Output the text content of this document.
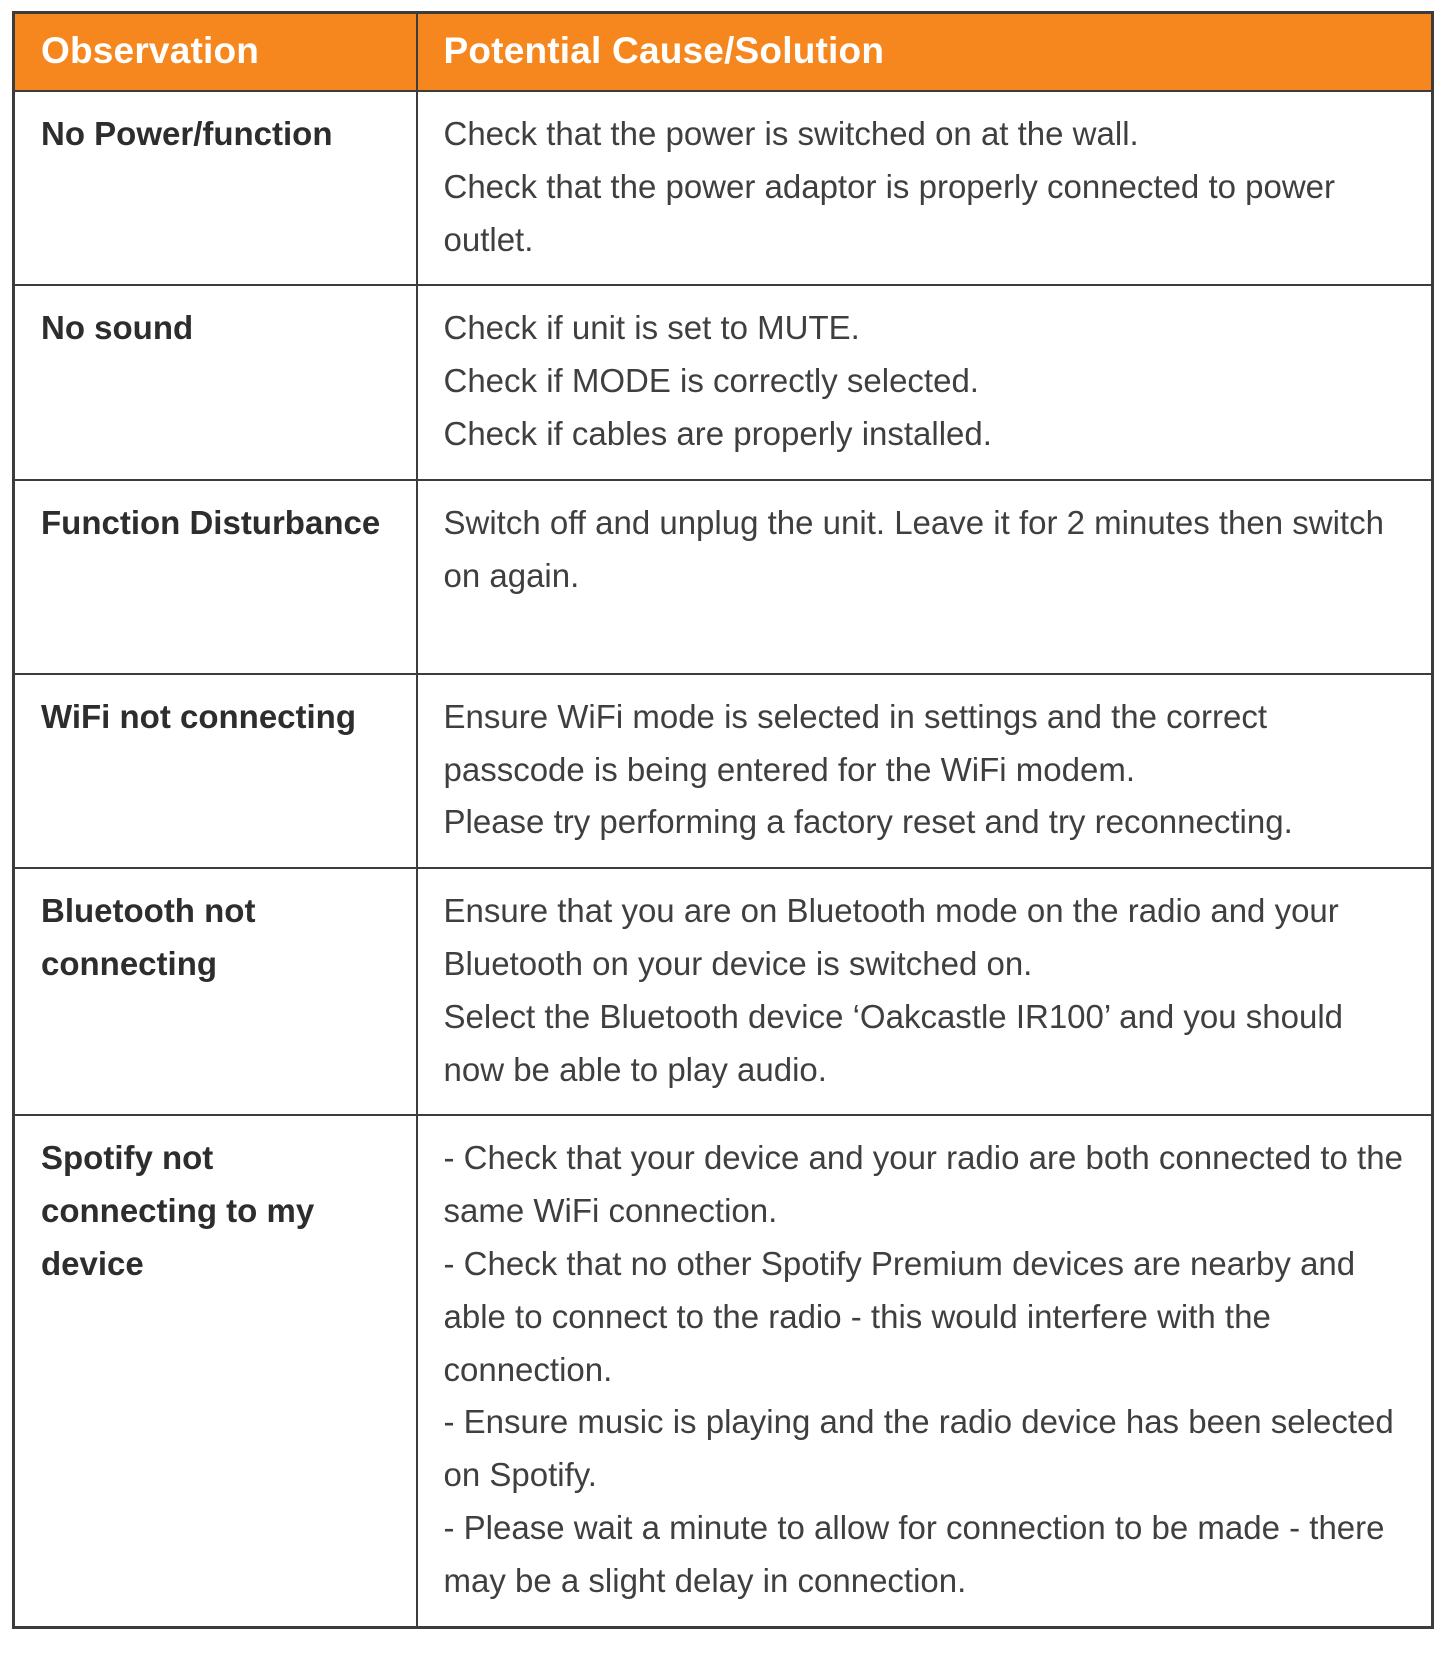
Observation	Potential Cause/Solution
No Power/function	Check that the power is switched on at the wall.
Check that the power adaptor is properly connected to power outlet.

No sound	Check if unit is set to MUTE.
Check if MODE is correctly selected.
Check if cables are properly installed.

Function Disturbance	Switch off and unplug the unit. Leave it for 2 minutes then switch on again.

WiFi not connecting	Ensure WiFi mode is selected in settings and the correct passcode is being entered for the WiFi modem.
Please try performing a factory reset and try reconnecting.

Bluetooth not connecting	Ensure that you are on Bluetooth mode on the radio and your Bluetooth on your device is switched on.
Select the Bluetooth device ‘Oakcastle IR100’ and you should now be able to play audio.

Spotify not connecting to my device	- Check that your device and your radio are both connected to the same WiFi connection.
- Check that no other Spotify Premium devices are nearby and able to connect to the radio - this would interfere with the connection.
- Ensure music is playing and the radio device has been selected on Spotify.
- Please wait a minute to allow for connection to be made - there may be a slight delay in connection.
